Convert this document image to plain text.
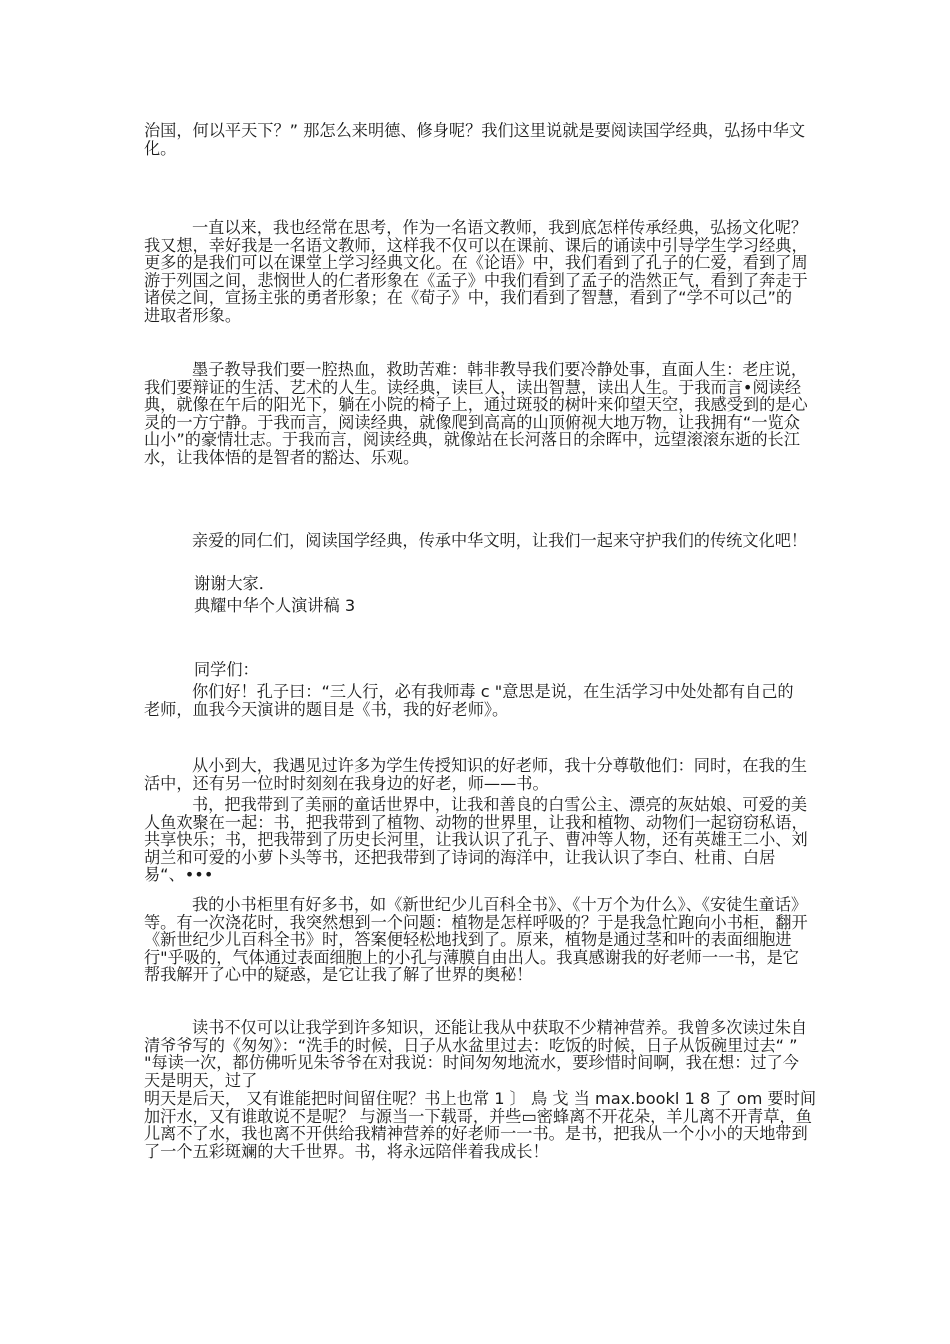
治国，何以平天下？” 那怎么来明德、修身呢？我们这里说就是要阅读国学经典，弘扬中华文化。

一直以来，我也经常在思考，作为一名语文教师，我到底怎样传承经典，弘扬文化呢？我又想，幸好我是一名语文教师，这样我不仅可以在课前、课后的诵读中引导学生学习经典，更多的是我们可以在课堂上学习经典文化。在《论语》中，我们看到了孔子的仁爱，看到了周游于列国之间，悲悯世人的仁者形象在《孟子》中我们看到了孟子的浩然正气，看到了奔走于诸侯之间，宣扬主张的勇者形象；在《荀子》中，我们看到了智慧，看到了“学不可以己”的进取者形象。

墨子教导我们要一腔热血，救助苦难：韩非教导我们要冷静处事，直面人生：老庄说，我们要辩证的生活、艺术的人生。读经典，读巨人，读出智慧，读出人生。于我而言•阅读经典，就像在午后的阳光下，躺在小院的椅子上，通过斑驳的树叶来仰望天空，我感受到的是心灵的一方宁静。于我而言，阅读经典，就像爬到高高的山顶俯视大地万物，让我拥有“一览众山小”的豪情壮志。于我而言，阅读经典，就像站在长河落日的余晖中，远望滚滚东逝的长江水，让我体悟的是智者的豁达、乐观。

亲爱的同仁们，阅读国学经典，传承中华文明，让我们一起来守护我们的传统文化吧！

谢谢大家．
典耀中华个人演讲稿 3
同学们：

你们好！孔子曰：“三人行，必有我师毒 c "意思是说，在生活学习中处处都有自己的老师，血我今天演讲的题目是《书，我的好老师》。

从小到大，我遇见过许多为学生传授知识的好老师，我十分尊敬他们：同时，在我的生活中，还有另一位时时刻刻在我身边的好老，师——书。

书，把我带到了美丽的童话世界中，让我和善良的白雪公主、漂亮的灰姑娘、可爱的美人鱼欢聚在一起：书，把我带到了植物、动物的世界里，让我和植物、动物们一起窃窃私语，共享快乐；书，把我带到了历史长河里，让我认识了孔子、曹冲等人物，还有英雄王二小、刘胡兰和可爱的小萝卜头等书，还把我带到了诗词的海洋中，让我认识了李白、杜甫、白居易“、•••

我的小书柜里有好多书，如《新世纪少儿百科全书》、《十万个为什么》、《安徒生童话》等。有一次浇花时，我突然想到一个问题：植物是怎样呼吸的？于是我急忙跑向小书柜，翻开《新世纪少儿百科全书》时，答案便轻松地找到了。原来，植物是通过茎和叶的表面细胞进行"乎吸的，气体通过表面细胞上的小孔与薄膜自由出人。我真感谢我的好老师一一书，是它帮我解开了心中的疑惑，是它让我了解了世界的奥秘！

读书不仅可以让我学到许多知识，还能让我从中获取不少精神营养。我曾多次读过朱自清爷爷写的《匆匆》：“洗手的时候，日子从水盆里过去：吃饭的时候，日子从饭碗里过去“ ” "每读一次，都仿佛听见朱爷爷在对我说：时间匆匆地流水，要珍惜时间啊，我在想：过了今天是明天，过了

明天是后天， 又有谁能把时间留住呢？书上也常 1 〕 鳥 戈 当 max.bookl 1 8 了 om 要时间
加汗水，又有谁敢说不是呢？ 与源当一下载哥，并些▭密蜂离不开花朵，羊儿离不开青草，鱼
儿离不了水，我也离不开供给我精神营养的好老师一一书。是书，把我从一个小小的天地带到
了一个五彩斑斓的大千世界。书，将永远陪伴着我成长！
